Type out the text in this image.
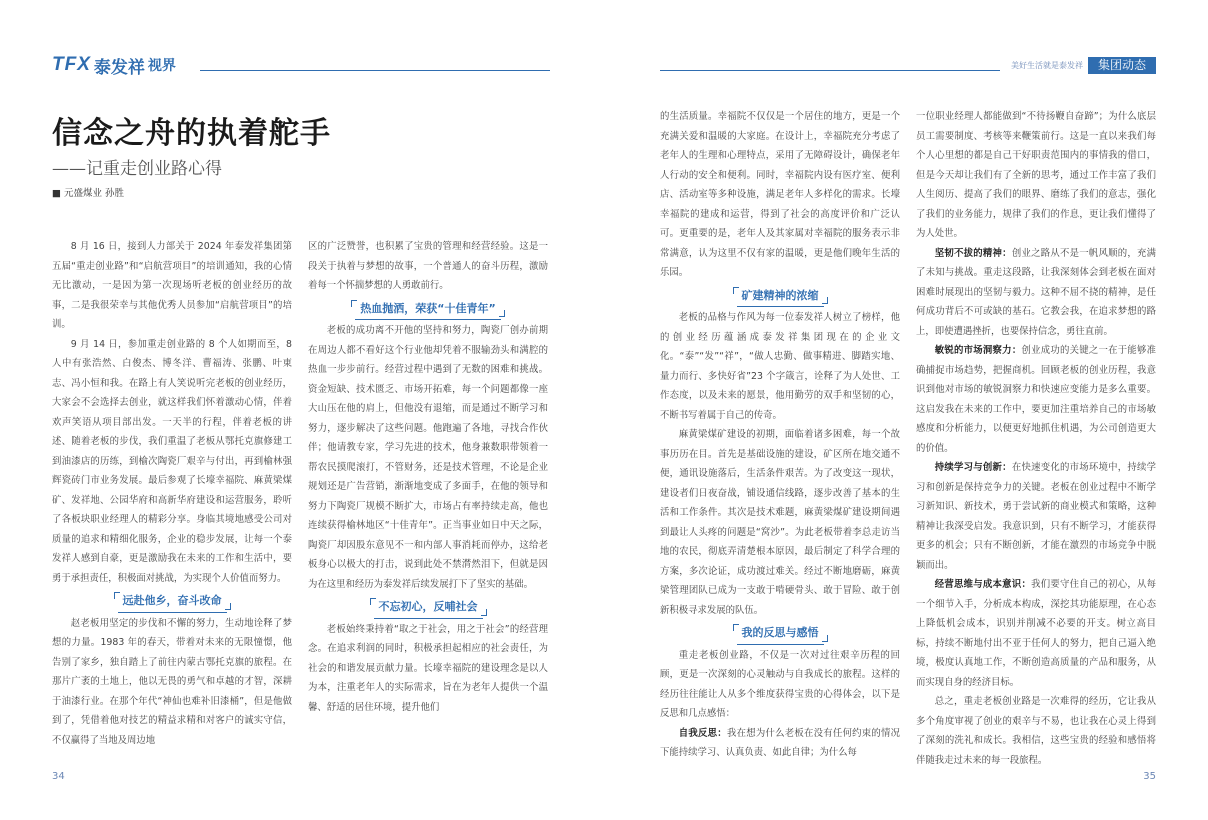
TFX 泰发祥 视界	美好生活就是泰发祥	集团动态
信念之舟的执着舵手
——记重走创业路心得
■ 元盛煤业 孙胜

8 月 16 日，接到人力部关于 2024 年泰发祥集团第五届“重走创业路”和“启航营项目”的培训通知，我的心情无比激动，一是因为第一次现场听老板的创业经历的故事，二是我很荣幸与其他优秀人员参加“启航营项目”的培训。

9 月 14 日，参加重走创业路的 8 个人如期而至，8 人中有张浩然、白俊杰、博冬洋、曹福涛、张鹏、叶東志、冯小恒和我。在路上有人笑说听完老板的创业经历，大家会不会选择去创业，就这样我们怀着激动心情，伴着欢声笑语从项目部出发。一天半的行程，伴着老板的讲述、随着老板的步伐，我们重温了老板从鄂托克旗修建工到油漆店的历练，到榆次陶瓷厂艰辛与付出，再到榆林强辉瓷砖门市业务发展。最后参观了长壕幸福院、麻黄梁煤矿、发祥地、公园华府和高新华府建设和运营服务，聆听了各板块职业经理人的精彩分享。身临其境地感受公司对质量的追求和精细化服务，企业的稳步发展，让每一个泰发祥人感到自豪，更是激励我在未来的工作和生活中，要勇于承担责任，积极面对挑战，为实现个人价值而努力。

远赴他乡，奋斗改命

赵老板用坚定的步伐和不懈的努力，生动地诠释了梦想的力量。1983 年的春天，带着对未来的无限憧憬，他告别了家乡，独自踏上了前往内蒙古鄂托克旗的旅程。在那片广袤的土地上，他以无畏的勇气和卓越的才智，深耕于油漆行业。在那个年代“神仙也难补旧漆桶”，但是他做到了，凭借着他对技艺的精益求精和对客户的诚实守信，不仅赢得了当地及周边地

区的广泛赞誉，也积累了宝贵的管理和经营经验。这是一段关于执着与梦想的故事，一个普通人的奋斗历程，激励着每一个怀揣梦想的人勇敢前行。

热血抛洒，荣获“十佳青年”

老板的成功离不开他的坚持和努力，陶瓷厂创办前期在周边人都不看好这个行业他却凭着不服输劲头和满腔的热血一步步前行。经营过程中遇到了无数的困难和挑战。资金短缺、技术匮乏、市场开拓难，每一个问题都像一座大山压在他的肩上，但他没有退缩，而是通过不断学习和努力，逐步解决了这些问题。他跑遍了各地，寻找合作伙伴；他请教专家，学习先进的技术，他身兼数职带领着一帮农民摸爬滚打，不管财务，还是技术管理，不论是企业规划还是广告营销，渐渐地变成了多面手，在他的领导和努力下陶瓷厂规模不断扩大，市场占有率持续走高，他也连续获得榆林地区“十佳青年”。正当事业如日中天之际，陶瓷厂却因股东意见不一和内部人事消耗而停办，这给老板身心以极大的打击，说到此处不禁潸然泪下，但就是因为在这里和经历为泰发祥后续发展打下了坚实的基础。

不忘初心，反哺社会

老板始终秉持着“取之于社会，用之于社会”的经营理念。在追求利润的同时，积极承担起相应的社会责任，为社会的和谐发展贡献力量。长壕幸福院的建设理念是以人为本，注重老年人的实际需求，旨在为老年人提供一个温馨、舒适的居住环境，提升他们

的生活质量。幸福院不仅仅是一个居住的地方，更是一个充满关爱和温暖的大家庭。在设计上，幸福院充分考虑了老年人的生理和心理特点，采用了无障碍设计，确保老年人行动的安全和便利。同时，幸福院内设有医疗室、便利店、活动室等多种设施，满足老年人多样化的需求。长壕幸福院的建成和运营，得到了社会的高度评价和广泛认可。更重要的是，老年人及其家属对幸福院的服务表示非常满意，认为这里不仅有家的温暖，更是他们晚年生活的乐园。

矿建精神的浓缩

老板的品格与作风为每一位泰发祥人树立了榜样，他的创业经历蕴涵成泰发祥集团现在的企业文化。“泰”“发”“祥”，“做人忠勤、做事精进、脚踏实地、量力而行、多快好省”23 个字箴言，诠释了为人处世、工作态度，以及未来的愿景，他用勤劳的双手和坚韧的心，不断书写着属于自己的传奇。

麻黄梁煤矿建设的初期，面临着诸多困难，每一个故事历历在目。首先是基础设施的建设，矿区所在地交通不便，通讯设施落后，生活条件艰苦。为了改变这一现状，建设者们日夜奋战，铺设通信线路，逐步改善了基本的生活和工作条件。其次是技术难题，麻黄梁煤矿建设期间遇到最让人头疼的问题是“窝沙”。为此老板带着李总走访当地的农民，彻底弄清楚根本原因，最后制定了科学合理的方案，多次论证，成功渡过难关。经过不断地磨砺，麻黄梁管理团队已成为一支敢于啃硬骨头、敢于冒险、敢于创新积极寻求发展的队伍。

我的反思与感悟

重走老板创业路，不仅是一次对过往艰辛历程的回顾，更是一次深刻的心灵触动与自我成长的旅程。这样的经历往往能让人从多个维度获得宝贵的心得体会，以下是反思和几点感悟：

自我反思：我在想为什么老板在没有任何约束的情况下能持续学习、认真负责、如此自律；为什么每

一位职业经理人都能做到“不待扬鞭自奋蹄”；为什么底层员工需要制度、考核等来鞭策前行。这是一直以来我们每个人心里想的都是自己干好职责范围内的事情我的借口，但是今天却让我们有了全新的思考，通过工作丰富了我们人生阅历、提高了我们的眼界、磨练了我们的意志，强化了我们的业务能力，规律了我们的作息，更让我们懂得了为人处世。

坚韧不拔的精神：创业之路从不是一帆风顺的，充满了未知与挑战。重走这段路，让我深刻体会到老板在面对困难时展现出的坚韧与毅力。这种不屈不挠的精神，是任何成功背后不可或缺的基石。它教会我，在追求梦想的路上，即使遭遇挫折，也要保持信念，勇往直前。

敏锐的市场洞察力：创业成功的关键之一在于能够准确捕捉市场趋势，把握商机。回顾老板的创业历程，我意识到他对市场的敏锐洞察力和快速应变能力是多么重要。这启发我在未来的工作中，要更加注重培养自己的市场敏感度和分析能力，以便更好地抓住机遇，为公司创造更大的价值。

持续学习与创新：在快速变化的市场环境中，持续学习和创新是保持竞争力的关键。老板在创业过程中不断学习新知识、新技术，勇于尝试新的商业模式和策略，这种精神让我深受启发。我意识到，只有不断学习，才能获得更多的机会；只有不断创新，才能在激烈的市场竞争中脱颖而出。

经营思维与成本意识：我们要守住自己的初心，从每一个细节入手，分析成本构成，深挖其功能原理，在心态上降低机会成本，识别并削减不必要的开支。树立高目标，持续不断地付出不亚于任何人的努力，把自己逼入绝境，极度认真地工作，不断创造高质量的产品和服务，从而实现自身的经济目标。

总之，重走老板创业路是一次难得的经历，它让我从多个角度审视了创业的艰辛与不易，也让我在心灵上得到了深刻的洗礼和成长。我相信，这些宝贵的经验和感悟将伴随我走过未来的每一段旅程。

34	35
